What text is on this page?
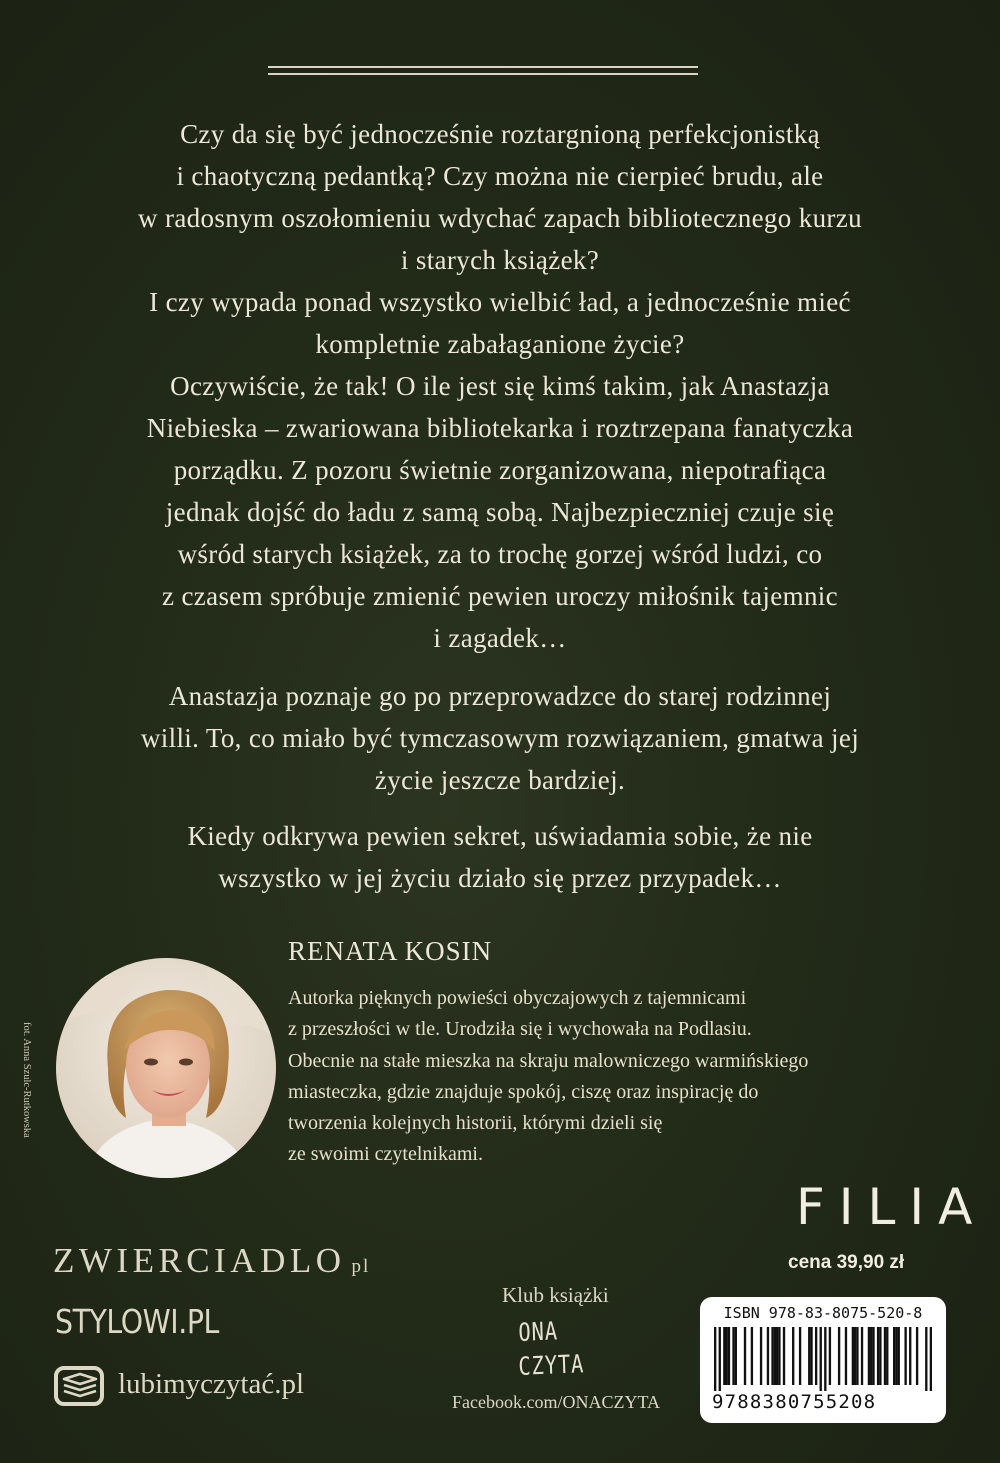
Czy da się być jednocześnie roztargnioną perfekcjonistką
i chaotyczną pedantką? Czy można nie cierpieć brudu, ale
w radosnym oszołomieniu wdychać zapach bibliotecznego kurzu
i starych książek?
I czy wypada ponad wszystko wielbić ład, a jednocześnie mieć
kompletnie zabałaganione życie?
Oczywiście, że tak! O ile jest się kimś takim, jak Anastazja
Niebieska – zwariowana bibliotekarka i roztrzepana fanatyczka
porządku. Z pozoru świetnie zorganizowana, niepotrafiąca
jednak dojść do ładu z samą sobą. Najbezpieczniej czuje się
wśród starych książek, za to trochę gorzej wśród ludzi, co
z czasem spróbuje zmienić pewien uroczy miłośnik tajemnic
i zagadek…

Anastazja poznaje go po przeprowadzce do starej rodzinnej
willi. To, co miało być tymczasowym rozwiązaniem, gmatwa jej
życie jeszcze bardziej.

Kiedy odkrywa pewien sekret, uświadamia sobie, że nie
wszystko w jej życiu działo się przez przypadek…

fot. Anna Szulc-Rutkowska
RENATA KOSIN

Autorka pięknych powieści obyczajowych z tajemnicami
z przeszłości w tle. Urodziła się i wychowała na Podlasiu.
Obecnie na stałe mieszka na skraju malowniczego warmińskiego
miasteczka, gdzie znajduje spokój, ciszę oraz inspirację do
tworzenia kolejnych historii, którymi dzieli się
ze swoimi czytelnikami.

FILIA
cena 39,90 zł
ZWIERCIADLO pl
STYLOWI.PL
lubimyczytać.pl
Klub książki
ONA
CZYTA
Facebook.com/ONACZYTA
ISBN 978-83-8075-520-8
9788380755208
